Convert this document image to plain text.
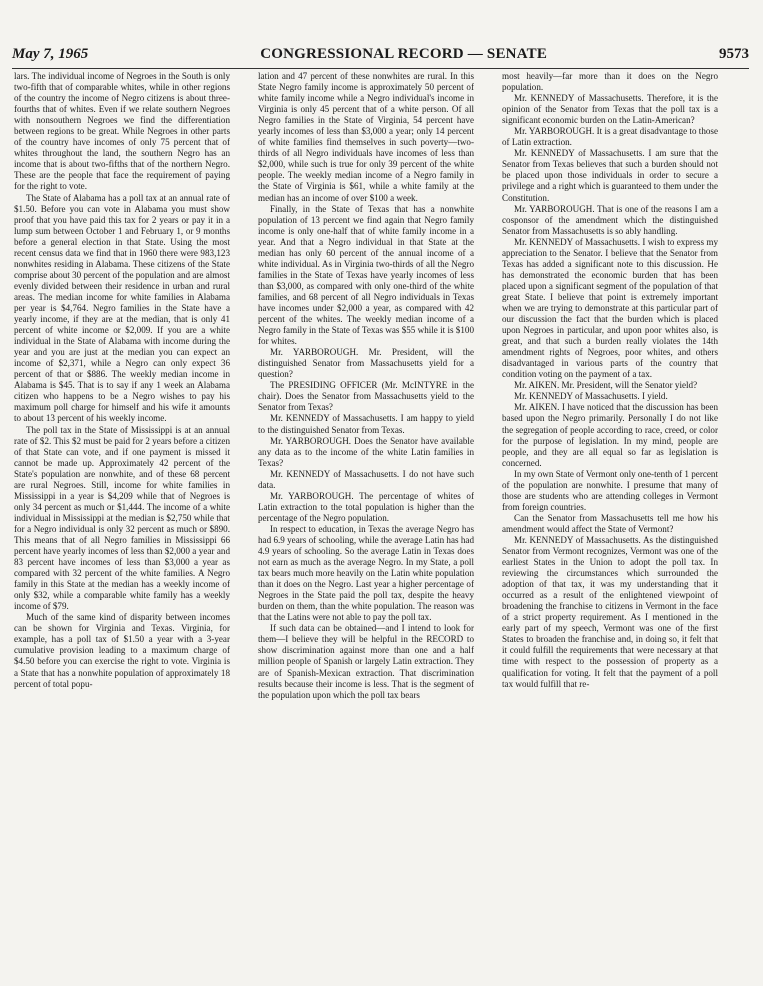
May 7, 1965	CONGRESSIONAL RECORD — SENATE	9573

lars. The individual income of Negroes in the South is only two-fifth that of comparable whites, while in other regions of the country the income of Negro citizens is about three-fourths that of whites. Even if we relate southern Negroes with nonsouthern Negroes we find the differentiation between regions to be great. While Negroes in other parts of the country have incomes of only 75 percent that of whites throughout the land, the southern Negro has an income that is about two-fifths that of the northern Negro. These are the people that face the requirement of paying for the right to vote.

The State of Alabama has a poll tax at an annual rate of $1.50. Before you can vote in Alabama you must show proof that you have paid this tax for 2 years or pay it in a lump sum between October 1 and February 1, or 9 months before a general election in that State. Using the most recent census data we find that in 1960 there were 983,123 nonwhites residing in Alabama. These citizens of the State comprise about 30 percent of the population and are almost evenly divided between their residence in urban and rural areas. The median income for white families in Alabama per year is $4,764. Negro families in the State have a yearly income, if they are at the median, that is only 41 percent of white income or $2,009. If you are a white individual in the State of Alabama with income during the year and you are just at the median you can expect an income of $2,371, while a Negro can only expect 36 percent of that or $886. The weekly median income in Alabama is $45. That is to say if any 1 week an Alabama citizen who happens to be a Negro wishes to pay his maximum poll charge for himself and his wife it amounts to about 13 percent of his weekly income.

The poll tax in the State of Mississippi is at an annual rate of $2. This $2 must be paid for 2 years before a citizen of that State can vote, and if one payment is missed it cannot be made up. Approximately 42 percent of the State's population are nonwhite, and of these 68 percent are rural Negroes. Still, income for white families in Mississippi in a year is $4,209 while that of Negroes is only 34 percent as much or $1,444. The income of a white individual in Mississippi at the median is $2,750 while that for a Negro individual is only 32 percent as much or $890. This means that of all Negro families in Mississippi 66 percent have yearly incomes of less than $2,000 a year and 83 percent have incomes of less than $3,000 a year as compared with 32 percent of the white families. A Negro family in this State at the median has a weekly income of only $32, while a comparable white family has a weekly income of $79.

Much of the same kind of disparity between incomes can be shown for Virginia and Texas. Virginia, for example, has a poll tax of $1.50 a year with a 3-year cumulative provision leading to a maximum charge of $4.50 before you can exercise the right to vote. Virginia is a State that has a nonwhite population of approximately 18 percent of total popu-

lation and 47 percent of these nonwhites are rural. In this State Negro family income is approximately 50 percent of white family income while a Negro individual's income in Virginia is only 45 percent that of a white person. Of all Negro families in the State of Virginia, 54 percent have yearly incomes of less than $3,000 a year; only 14 percent of white families find themselves in such poverty—two-thirds of all Negro individuals have incomes of less than $2,000, while such is true for only 39 percent of the white people. The weekly median income of a Negro family in the State of Virginia is $61, while a white family at the median has an income of over $100 a week.

Finally, in the State of Texas that has a nonwhite population of 13 percent we find again that Negro family income is only one-half that of white family income in a year. And that a Negro individual in that State at the median has only 60 percent of the annual income of a white individual. As in Virginia two-thirds of all the Negro families in the State of Texas have yearly incomes of less than $3,000, as compared with only one-third of the white families, and 68 percent of all Negro individuals in Texas have incomes under $2,000 a year, as compared with 42 percent of the whites. The weekly median income of a Negro family in the State of Texas was $55 while it is $100 for whites.

Mr. YARBOROUGH. Mr. President, will the distinguished Senator from Massachusetts yield for a question?

The PRESIDING OFFICER (Mr. McINTYRE in the chair). Does the Senator from Massachusetts yield to the Senator from Texas?

Mr. KENNEDY of Massachusetts. I am happy to yield to the distinguished Senator from Texas.

Mr. YARBOROUGH. Does the Senator have available any data as to the income of the white Latin families in Texas?

Mr. KENNEDY of Massachusetts. I do not have such data.

Mr. YARBOROUGH. The percentage of whites of Latin extraction to the total population is higher than the percentage of the Negro population.

In respect to education, in Texas the average Negro has had 6.9 years of schooling, while the average Latin has had 4.9 years of schooling. So the average Latin in Texas does not earn as much as the average Negro. In my State, a poll tax bears much more heavily on the Latin white population than it does on the Negro. Last year a higher percentage of Negroes in the State paid the poll tax, despite the heavy burden on them, than the white population. The reason was that the Latins were not able to pay the poll tax.

If such data can be obtained—and I intend to look for them—I believe they will be helpful in the RECORD to show discrimination against more than one and a half million people of Spanish or largely Latin extraction. They are of Spanish-Mexican extraction. That discrimination results because their income is less. That is the segment of the population upon which the poll tax bears

most heavily—far more than it does on the Negro population.

Mr. KENNEDY of Massachusetts. Therefore, it is the opinion of the Senator from Texas that the poll tax is a significant economic burden on the Latin-American?

Mr. YARBOROUGH. It is a great disadvantage to those of Latin extraction.

Mr. KENNEDY of Massachusetts. I am sure that the Senator from Texas believes that such a burden should not be placed upon those individuals in order to secure a privilege and a right which is guaranteed to them under the Constitution.

Mr. YARBOROUGH. That is one of the reasons I am a cosponsor of the amendment which the distinguished Senator from Massachusetts is so ably handling.

Mr. KENNEDY of Massachusetts. I wish to express my appreciation to the Senator. I believe that the Senator from Texas has added a significant note to this discussion. He has demonstrated the economic burden that has been placed upon a significant segment of the population of that great State. I believe that point is extremely important when we are trying to demonstrate at this particular part of our discussion the fact that the burden which is placed upon Negroes in particular, and upon poor whites also, is great, and that such a burden really violates the 14th amendment rights of Negroes, poor whites, and others disadvantaged in various parts of the country that condition voting on the payment of a tax.

Mr. AIKEN. Mr. President, will the Senator yield?

Mr. KENNEDY of Massachusetts. I yield.

Mr. AIKEN. I have noticed that the discussion has been based upon the Negro primarily. Personally I do not like the segregation of people according to race, creed, or color for the purpose of legislation. In my mind, people are people, and they are all equal so far as legislation is concerned.

In my own State of Vermont only one-tenth of 1 percent of the population are nonwhite. I presume that many of those are students who are attending colleges in Vermont from foreign countries.

Can the Senator from Massachusetts tell me how his amendment would affect the State of Vermont?

Mr. KENNEDY of Massachusetts. As the distinguished Senator from Vermont recognizes, Vermont was one of the earliest States in the Union to adopt the poll tax. In reviewing the circumstances which surrounded the adoption of that tax, it was my understanding that it occurred as a result of the enlightened viewpoint of broadening the franchise to citizens in Vermont in the face of a strict property requirement. As I mentioned in the early part of my speech, Vermont was one of the first States to broaden the franchise and, in doing so, it felt that it could fulfill the requirements that were necessary at that time with respect to the possession of property as a qualification for voting. It felt that the payment of a poll tax would fulfill that re-
